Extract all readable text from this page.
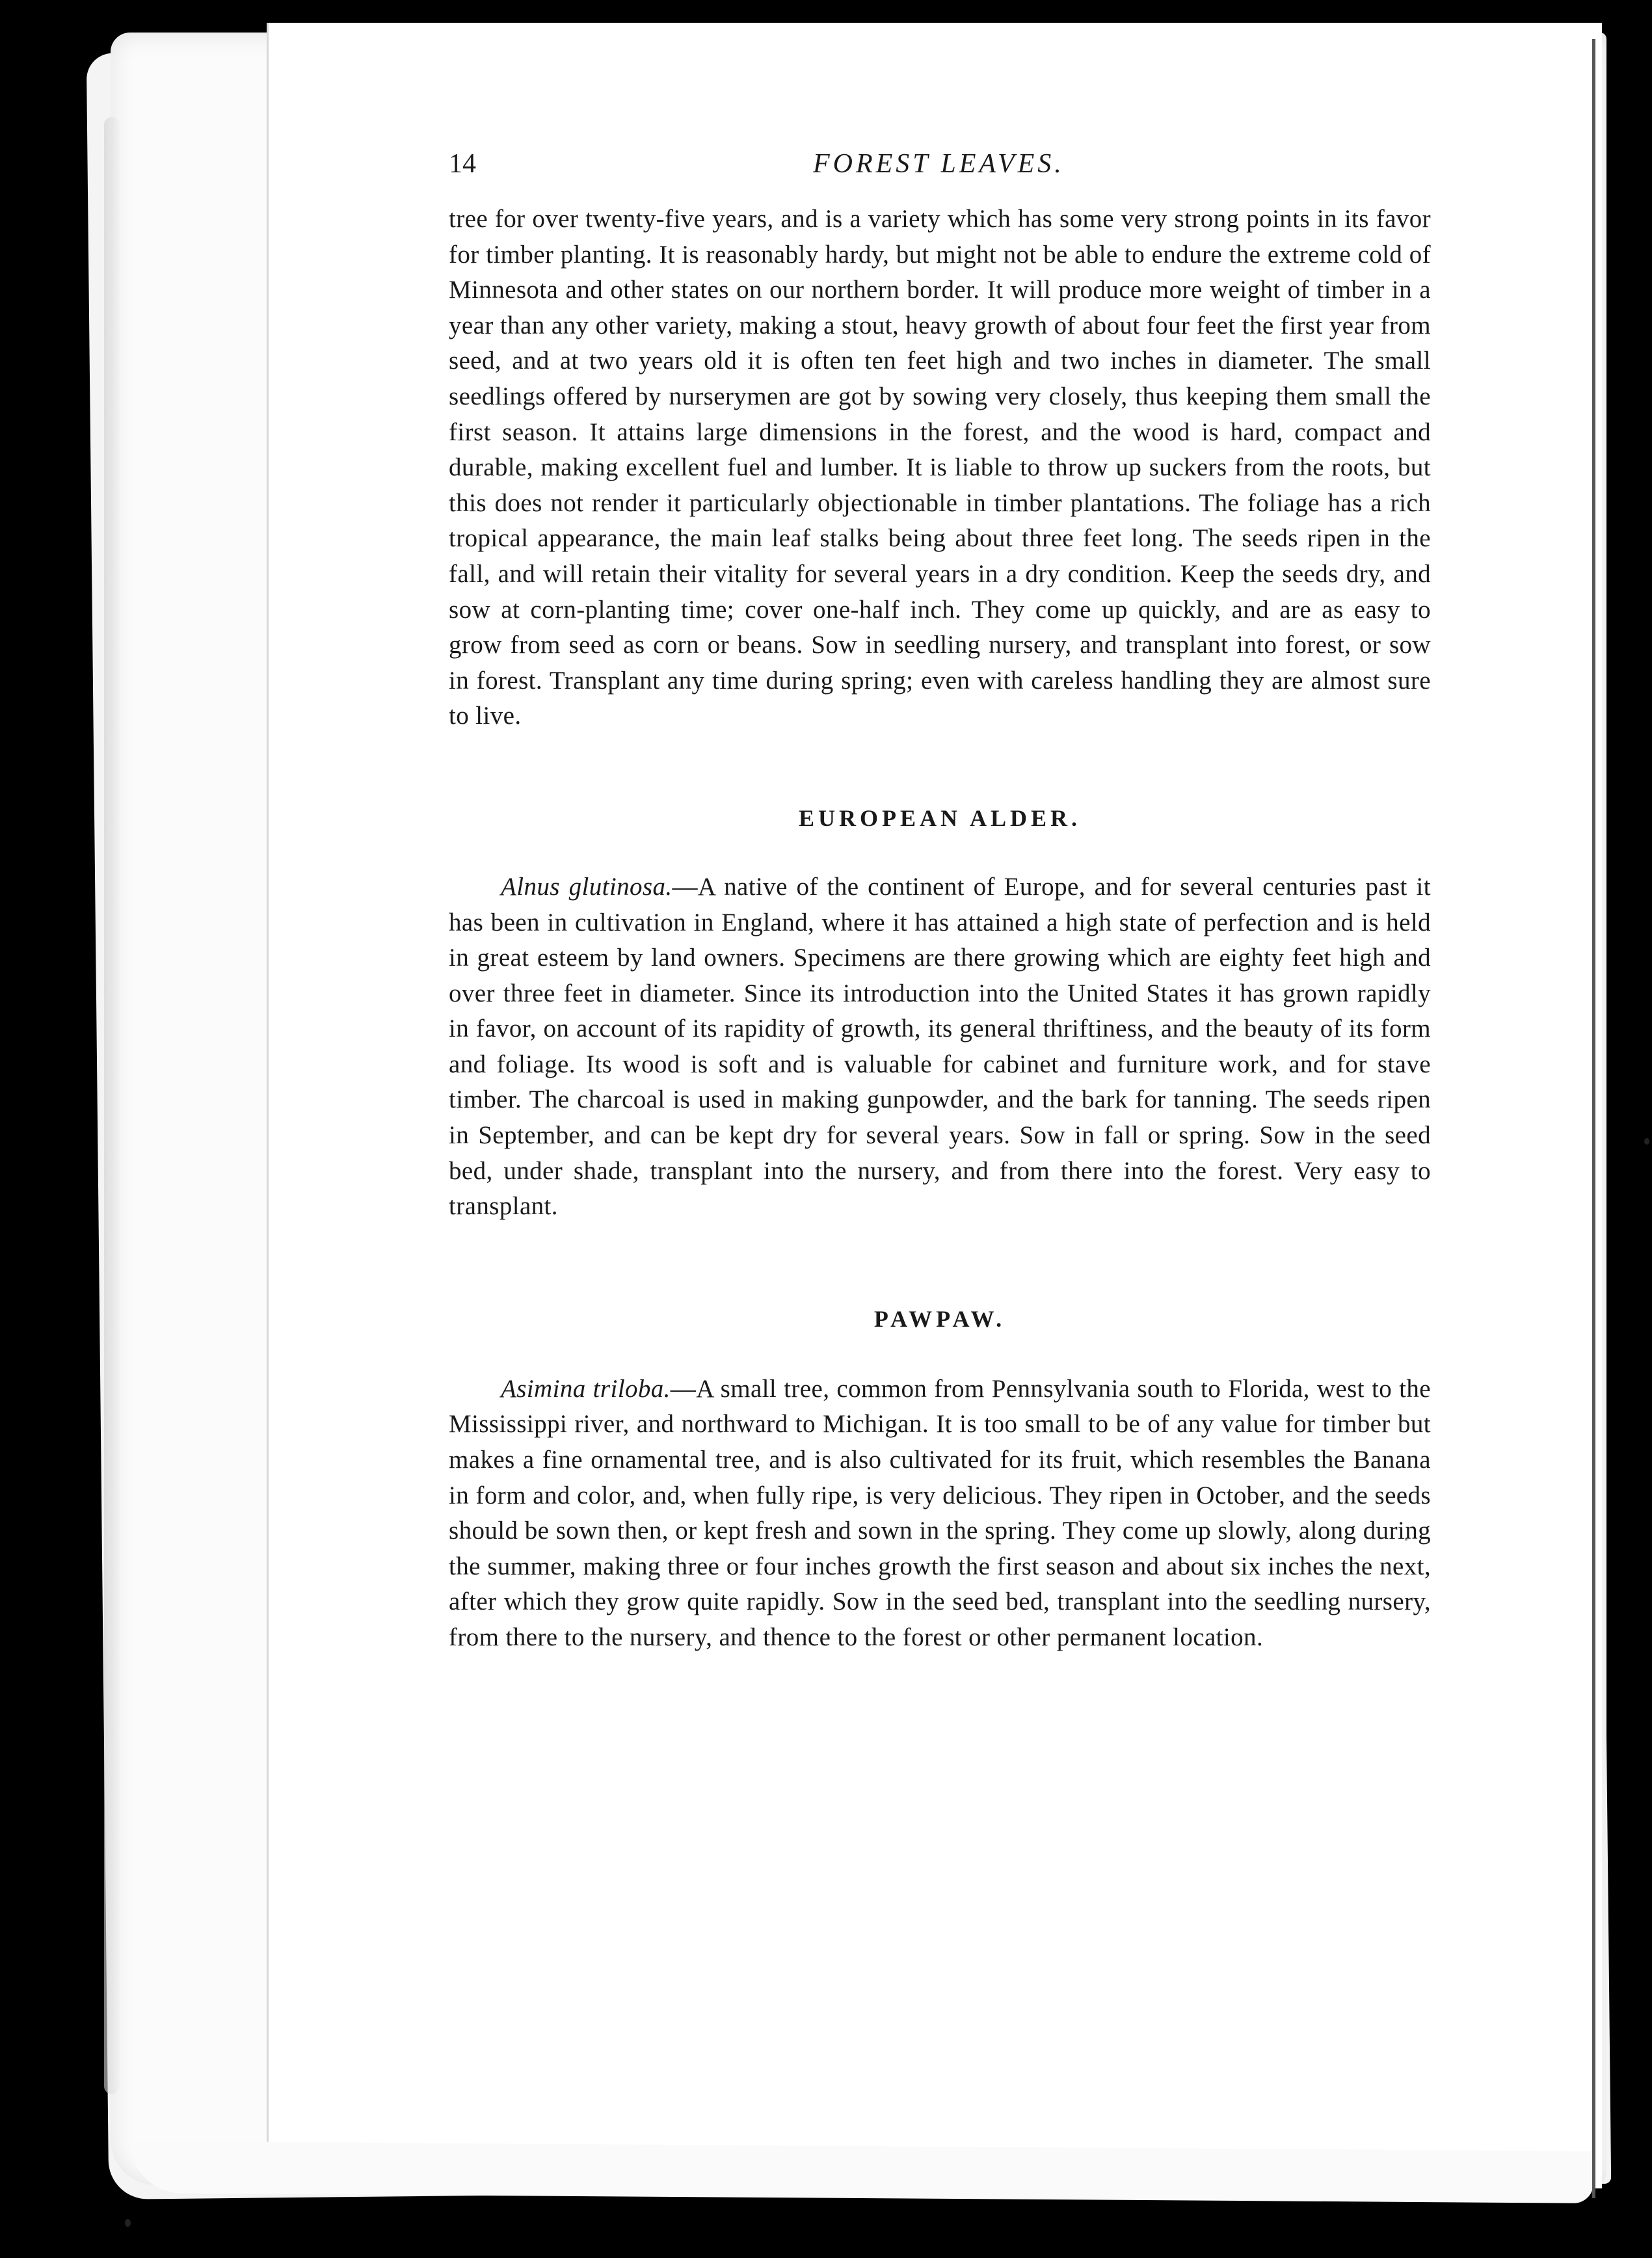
14	FOREST LEAVES.

tree for over twenty-five years, and is a variety which has some very strong points in its favor for timber planting. It is reasonably hardy, but might not be able to endure the extreme cold of Minnesota and other states on our northern border. It will produce more weight of timber in a year than any other variety, making a stout, heavy growth of about four feet the first year from seed, and at two years old it is often ten feet high and two inches in diameter. The small seedlings offered by nurserymen are got by sowing very closely, thus keeping them small the first season. It attains large dimensions in the forest, and the wood is hard, compact and durable, making excellent fuel and lumber. It is liable to throw up suckers from the roots, but this does not render it particularly objectionable in timber plantations. The foliage has a rich tropical appearance, the main leaf stalks being about three feet long. The seeds ripen in the fall, and will retain their vitality for several years in a dry condition. Keep the seeds dry, and sow at corn-planting time; cover one-half inch. They come up quickly, and are as easy to grow from seed as corn or beans. Sow in seedling nursery, and transplant into forest, or sow in forest. Transplant any time during spring; even with careless handling they are almost sure to live.

EUROPEAN ALDER.

Alnus glutinosa.—A native of the continent of Europe, and for several centuries past it has been in cultivation in England, where it has attained a high state of perfection and is held in great esteem by land owners. Specimens are there growing which are eighty feet high and over three feet in diameter. Since its introduction into the United States it has grown rapidly in favor, on account of its rapidity of growth, its general thriftiness, and the beauty of its form and foliage. Its wood is soft and is valuable for cabinet and furniture work, and for stave timber. The charcoal is used in making gunpowder, and the bark for tanning. The seeds ripen in September, and can be kept dry for several years. Sow in fall or spring. Sow in the seed bed, under shade, transplant into the nursery, and from there into the forest. Very easy to transplant.

PAWPAW.

Asimina triloba.—A small tree, common from Pennsylvania south to Florida, west to the Mississippi river, and northward to Michigan. It is too small to be of any value for timber but makes a fine ornamental tree, and is also cultivated for its fruit, which resembles the Banana in form and color, and, when fully ripe, is very delicious. They ripen in October, and the seeds should be sown then, or kept fresh and sown in the spring. They come up slowly, along during the summer, making three or four inches growth the first season and about six inches the next, after which they grow quite rapidly. Sow in the seed bed, transplant into the seedling nursery, from there to the nursery, and thence to the forest or other permanent location.
